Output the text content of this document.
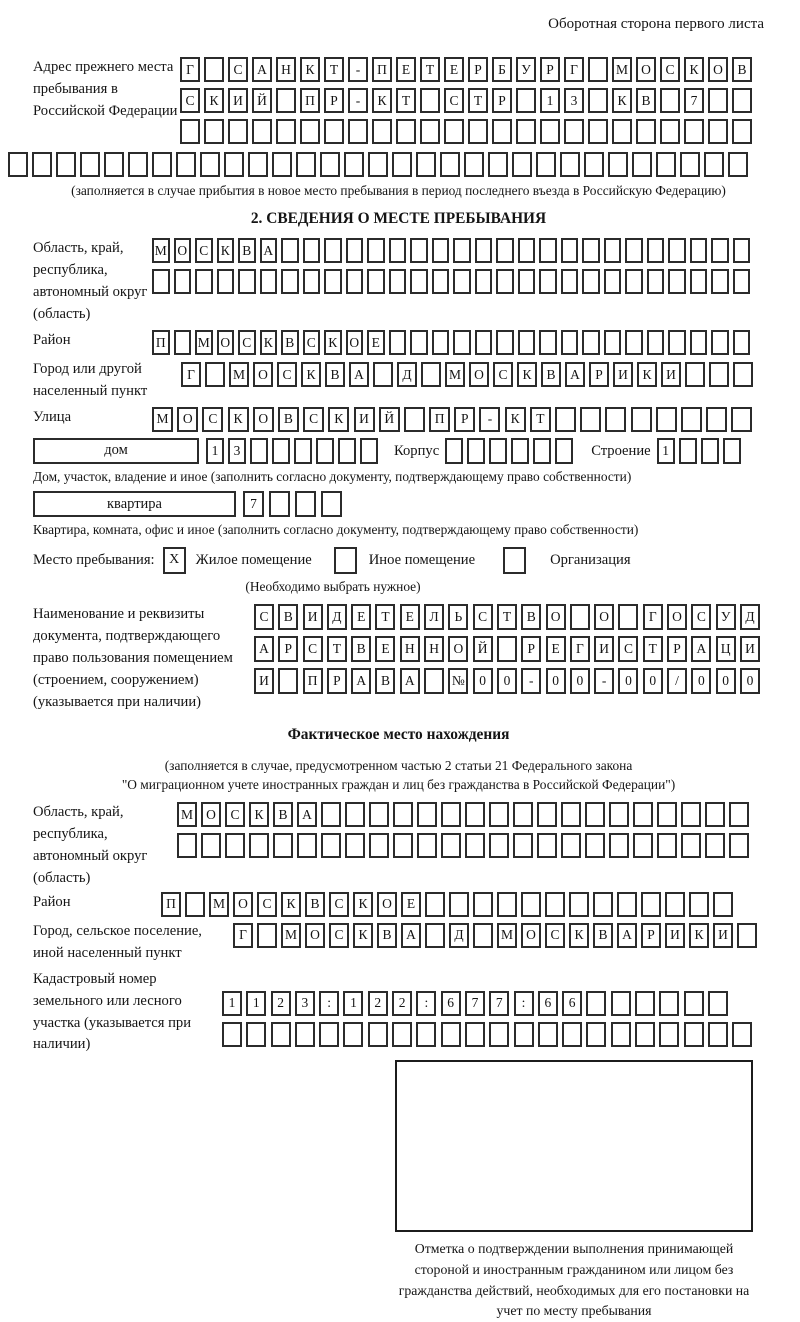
Оборотная сторона первого листа
Адрес прежнего места пребывания в Российской Федерации
Г	С	А	Н	К	Т	-	П	Е	Т	Е	Р	Б	У	Р	Г	М О	С	К	О	В
С	К	И	Й	П	Р	-	К	Т	С	Т	Р	1	3	К	В	7
(заполняется в случае прибытия в новое место пребывания в период последнего въезда в Российскую Федерацию)
2. СВЕДЕНИЯ О МЕСТЕ ПРЕБЫВАНИЯ
Область, край, республика, автономный округ (область)
М О С К В А
Район	П М О С К В С К О Е
Город или другой населенный пункт
Г	М О	С	К	В	А	Д	М О	С	К	В	А	Р	И	К	И
Улица	М	О	С	К	О	В	С	К	И	Й	П	Р	-	К	Т
дом	1	3	Корпус	Строение 1
Дом, участок, владение и иное (заполнить согласно документу, подтверждающему право собственности)
квартира	7
Квартира, комната, офис и иное (заполнить согласно документу, подтверждающему право собственности)
Место пребывания:	X	Жилое помещение	Иное помещение	Организация
(Необходимо выбрать нужное)
Наименование и реквизиты документа, подтверждающего право пользования помещением (строением, сооружением) (указывается при наличии)
С	В	И	Д	Е	Т	Е	Л	Ь	С	Т	В	О	О	Г	О	С	У	Д
А	Р	С	Т	В	Е	Н	Н	О	Й	Р	Е	Г	И	С	Т	Р	А	Ц	И
И	П	Р	А	В	А	№	0	0	-	0	0	-	0	0	/	0	0	0
Фактическое место нахождения
(заполняется в случае, предусмотренном частью 2 статьи 21 Федерального закона
"О миграционном учете иностранных граждан и лиц без гражданства в Российской Федерации")
Область, край, республика, автономный округ (область)
М О	С	К	В	А
Район	П	М О	С	К	В	С	К	О	Е
Город, сельское поселение, иной населенный пункт
Г	М О	С	К	В	А	Д	М О	С	К	В	А	Р	И	К	И
Кадастровый номер земельного или лесного участка (указывается при наличии)
1	1	2	3	:	1	2	2	:	6	7	7	:	6	6
Отметка о подтверждении выполнения принимающей стороной и иностранным гражданином или лицом без гражданства действий, необходимых для его постановки на учет по месту пребывания
